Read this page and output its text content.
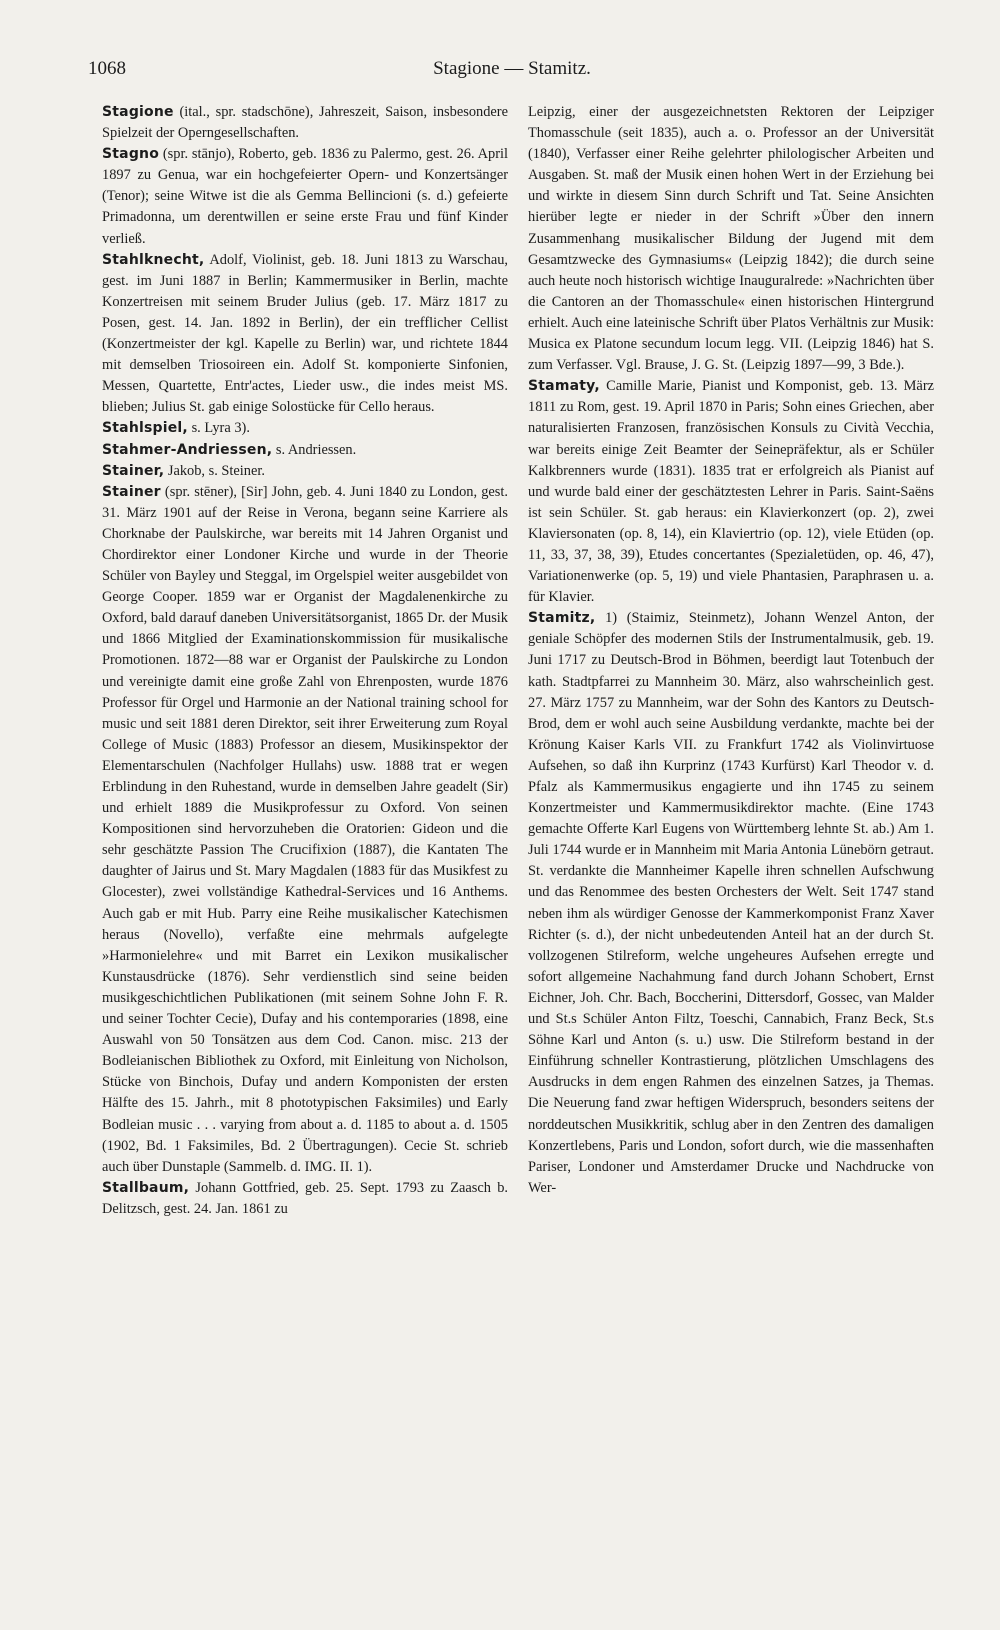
1068	Stagione — Stamitz.

Stagione (ital., spr. stadschōne), Jahreszeit, Saison, insbesondere Spielzeit der Operngesellschaften.

Stagno (spr. stānjo), Roberto, geb. 1836 zu Palermo, gest. 26. April 1897 zu Genua, war ein hochgefeierter Opern- und Konzertsänger (Tenor); seine Witwe ist die als Gemma Bellincioni (s. d.) gefeierte Primadonna, um derentwillen er seine erste Frau und fünf Kinder verließ.

Stahlknecht, Adolf, Violinist, geb. 18. Juni 1813 zu Warschau, gest. im Juni 1887 in Berlin; Kammermusiker in Berlin, machte Konzertreisen mit seinem Bruder Julius (geb. 17. März 1817 zu Posen, gest. 14. Jan. 1892 in Berlin), der ein trefflicher Cellist (Konzertmeister der kgl. Kapelle zu Berlin) war, und richtete 1844 mit demselben Triosoireen ein. Adolf St. komponierte Sinfonien, Messen, Quartette, Entr'actes, Lieder usw., die indes meist MS. blieben; Julius St. gab einige Solostücke für Cello heraus.

Stahlspiel, s. Lyra 3).

Stahmer-Andriessen, s. Andriessen.

Stainer, Jakob, s. Steiner.

Stainer (spr. stēner), [Sir] John, geb. 4. Juni 1840 zu London, gest. 31. März 1901 auf der Reise in Verona, begann seine Karriere als Chorknabe der Paulskirche, war bereits mit 14 Jahren Organist und Chordirektor einer Londoner Kirche und wurde in der Theorie Schüler von Bayley und Steggal, im Orgelspiel weiter ausgebildet von George Cooper. 1859 war er Organist der Magdalenenkirche zu Oxford, bald darauf daneben Universitätsorganist, 1865 Dr. der Musik und 1866 Mitglied der Examinationskommission für musikalische Promotionen. 1872—88 war er Organist der Paulskirche zu London und vereinigte damit eine große Zahl von Ehrenposten, wurde 1876 Professor für Orgel und Harmonie an der National training school for music und seit 1881 deren Direktor, seit ihrer Erweiterung zum Royal College of Music (1883) Professor an diesem, Musikinspektor der Elementarschulen (Nachfolger Hullahs) usw. 1888 trat er wegen Erblindung in den Ruhestand, wurde in demselben Jahre geadelt (Sir) und erhielt 1889 die Musikprofessur zu Oxford. Von seinen Kompositionen sind hervorzuheben die Oratorien: Gideon und die sehr geschätzte Passion The Crucifixion (1887), die Kantaten The daughter of Jairus und St. Mary Magdalen (1883 für das Musikfest zu Glocester), zwei vollständige Kathedral-Services und 16 Anthems. Auch gab er mit Hub. Parry eine Reihe musikalischer Katechismen heraus (Novello), verfaßte eine mehrmals aufgelegte »Harmonielehre« und mit Barret ein Lexikon musikalischer Kunstausdrücke (1876). Sehr verdienstlich sind seine beiden musikgeschichtlichen Publikationen (mit seinem Sohne John F. R. und seiner Tochter Cecie), Dufay and his contemporaries (1898, eine Auswahl von 50 Tonsätzen aus dem Cod. Canon. misc. 213 der Bodleianischen Bibliothek zu Oxford, mit Einleitung von Nicholson, Stücke von Binchois, Dufay und andern Komponisten der ersten Hälfte des 15. Jahrh., mit 8 phototypischen Faksimiles) und Early Bodleian music . . . varying from about a. d. 1185 to about a. d. 1505 (1902, Bd. 1 Faksimiles, Bd. 2 Übertragungen). Cecie St. schrieb auch über Dunstaple (Sammelb. d. IMG. II. 1).

Stallbaum, Johann Gottfried, geb. 25. Sept. 1793 zu Zaasch b. Delitzsch, gest. 24. Jan. 1861 zu

Leipzig, einer der ausgezeichnetsten Rektoren der Leipziger Thomasschule (seit 1835), auch a. o. Professor an der Universität (1840), Verfasser einer Reihe gelehrter philologischer Arbeiten und Ausgaben. St. maß der Musik einen hohen Wert in der Erziehung bei und wirkte in diesem Sinn durch Schrift und Tat. Seine Ansichten hierüber legte er nieder in der Schrift »Über den innern Zusammenhang musikalischer Bildung der Jugend mit dem Gesamtzwecke des Gymnasiums« (Leipzig 1842); die durch seine auch heute noch historisch wichtige Inauguralrede: »Nachrichten über die Cantoren an der Thomasschule« einen historischen Hintergrund erhielt. Auch eine lateinische Schrift über Platos Verhältnis zur Musik: Musica ex Platone secundum locum legg. VII. (Leipzig 1846) hat S. zum Verfasser. Vgl. Brause, J. G. St. (Leipzig 1897—99, 3 Bde.).

Stamaty, Camille Marie, Pianist und Komponist, geb. 13. März 1811 zu Rom, gest. 19. April 1870 in Paris; Sohn eines Griechen, aber naturalisierten Franzosen, französischen Konsuls zu Cività Vecchia, war bereits einige Zeit Beamter der Seinepräfektur, als er Schüler Kalkbrenners wurde (1831). 1835 trat er erfolgreich als Pianist auf und wurde bald einer der geschätztesten Lehrer in Paris. Saint-Saëns ist sein Schüler. St. gab heraus: ein Klavierkonzert (op. 2), zwei Klaviersonaten (op. 8, 14), ein Klaviertrio (op. 12), viele Etüden (op. 11, 33, 37, 38, 39), Etudes concertantes (Spezialetüden, op. 46, 47), Variationenwerke (op. 5, 19) und viele Phantasien, Paraphrasen u. a. für Klavier.

Stamitz, 1) (Staimiz, Steinmetz), Johann Wenzel Anton, der geniale Schöpfer des modernen Stils der Instrumentalmusik, geb. 19. Juni 1717 zu Deutsch-Brod in Böhmen, beerdigt laut Totenbuch der kath. Stadtpfarrei zu Mannheim 30. März, also wahrscheinlich gest. 27. März 1757 zu Mannheim, war der Sohn des Kantors zu Deutsch-Brod, dem er wohl auch seine Ausbildung verdankte, machte bei der Krönung Kaiser Karls VII. zu Frankfurt 1742 als Violinvirtuose Aufsehen, so daß ihn Kurprinz (1743 Kurfürst) Karl Theodor v. d. Pfalz als Kammermusikus engagierte und ihn 1745 zu seinem Konzertmeister und Kammermusikdirektor machte. (Eine 1743 gemachte Offerte Karl Eugens von Württemberg lehnte St. ab.) Am 1. Juli 1744 wurde er in Mannheim mit Maria Antonia Lünebörn getraut. St. verdankte die Mannheimer Kapelle ihren schnellen Aufschwung und das Renommee des besten Orchesters der Welt. Seit 1747 stand neben ihm als würdiger Genosse der Kammerkomponist Franz Xaver Richter (s. d.), der nicht unbedeutenden Anteil hat an der durch St. vollzogenen Stilreform, welche ungeheures Aufsehen erregte und sofort allgemeine Nachahmung fand durch Johann Schobert, Ernst Eichner, Joh. Chr. Bach, Boccherini, Dittersdorf, Gossec, van Malder und St.s Schüler Anton Filtz, Toeschi, Cannabich, Franz Beck, St.s Söhne Karl und Anton (s. u.) usw. Die Stilreform bestand in der Einführung schneller Kontrastierung, plötzlichen Umschlagens des Ausdrucks in dem engen Rahmen des einzelnen Satzes, ja Themas. Die Neuerung fand zwar heftigen Widerspruch, besonders seitens der norddeutschen Musikkritik, schlug aber in den Zentren des damaligen Konzertlebens, Paris und London, sofort durch, wie die massenhaften Pariser, Londoner und Amsterdamer Drucke und Nachdrucke von Wer-
